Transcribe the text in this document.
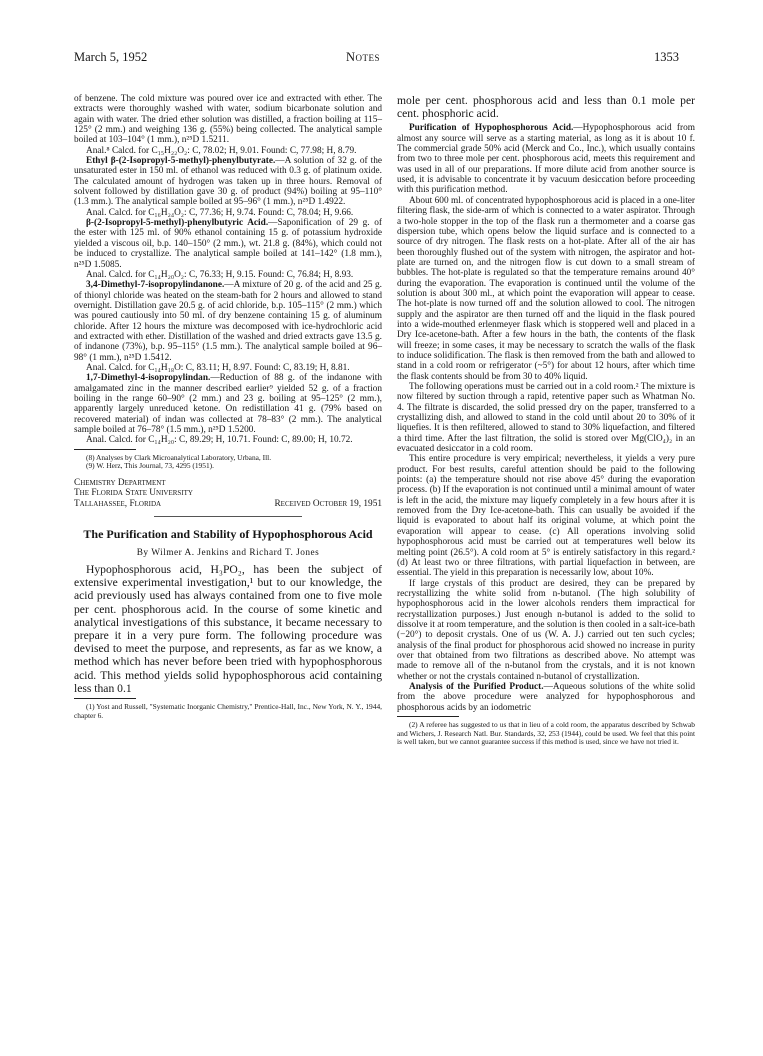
March 5, 1952	Notes	1353

of benzene. The cold mixture was poured over ice and extracted with ether. The extracts were thoroughly washed with water, sodium bicarbonate solution and again with water. The dried ether solution was distilled, a fraction boiling at 115–125° (2 mm.) and weighing 136 g. (55%) being collected. The analytical sample boiled at 103–104° (1 mm.), n²⁵D 1.5211.

Anal.⁸ Calcd. for C₁₅H₂₂O₂: C, 78.02; H, 9.01. Found: C, 77.98; H, 8.79.

Ethyl β-(2-Isopropyl-5-methyl)-phenylbutyrate.—A solution of 32 g. of the unsaturated ester in 150 ml. of ethanol was reduced with 0.3 g. of platinum oxide. The calculated amount of hydrogen was taken up in three hours. Removal of solvent followed by distillation gave 30 g. of product (94%) boiling at 95–110° (1.3 mm.). The analytical sample boiled at 95–96° (1 mm.), n²⁵D 1.4922.

Anal. Calcd. for C₁₆H₂₄O₂: C, 77.36; H, 9.74. Found: C, 78.04; H, 9.66.

β-(2-Isopropyl-5-methyl)-phenylbutyric Acid.—Saponification of 29 g. of the ester with 125 ml. of 90% ethanol containing 15 g. of potassium hydroxide yielded a viscous oil, b.p. 140–150° (2 mm.), wt. 21.8 g. (84%), which could not be induced to crystallize. The analytical sample boiled at 141–142° (1.8 mm.), n²⁵D 1.5085.

Anal. Calcd. for C₁₄H₂₀O₂: C, 76.33; H, 9.15. Found: C, 76.84; H, 8.93.

3,4-Dimethyl-7-isopropylindanone.—A mixture of 20 g. of the acid and 25 g. of thionyl chloride was heated on the steam-bath for 2 hours and allowed to stand overnight. Distillation gave 20.5 g. of acid chloride, b.p. 105–115° (2 mm.) which was poured cautiously into 50 ml. of dry benzene containing 15 g. of aluminum chloride. After 12 hours the mixture was decomposed with ice-hydrochloric acid and extracted with ether. Distillation of the washed and dried extracts gave 13.5 g. of indanone (73%), b.p. 95–115° (1.5 mm.). The analytical sample boiled at 96–98° (1 mm.), n²⁵D 1.5412.

Anal. Calcd. for C₁₄H₁₈O: C, 83.11; H, 8.97. Found: C, 83.19; H, 8.81.

1,7-Dimethyl-4-isopropylindan.—Reduction of 88 g. of the indanone with amalgamated zinc in the manner described earlier⁹ yielded 52 g. of a fraction boiling in the range 60–90° (2 mm.) and 23 g. boiling at 95–125° (2 mm.), apparently largely unreduced ketone. On redistillation 41 g. (79% based on recovered material) of indan was collected at 78–83° (2 mm.). The analytical sample boiled at 76–78° (1.5 mm.), n²⁵D 1.5200.

Anal. Calcd. for C₁₄H₂₀: C, 89.29; H, 10.71. Found: C, 89.00; H, 10.72.

(8) Analyses by Clark Microanalytical Laboratory, Urbana, Ill.

(9) W. Herz, This Journal, 73, 4295 (1951).

Chemistry Department

The Florida State University

Tallahassee, Florida	Received October 19, 1951

The Purification and Stability of Hypophosphorous Acid

By Wilmer A. Jenkins and Richard T. Jones

Hypophosphorous acid, H₃PO₂, has been the subject of extensive experimental investigation,¹ but to our knowledge, the acid previously used has always contained from one to five mole per cent. phosphorous acid. In the course of some kinetic and analytical investigations of this substance, it became necessary to prepare it in a very pure form. The following procedure was devised to meet the purpose, and represents, as far as we know, a method which has never before been tried with hypophosphorous acid. This method yields solid hypophosphorous acid containing less than 0.1

(1) Yost and Russell, "Systematic Inorganic Chemistry," Prentice-Hall, Inc., New York, N. Y., 1944, chapter 6.

mole per cent. phosphorous acid and less than 0.1 mole per cent. phosphoric acid.

Purification of Hypophosphorous Acid.—Hypophosphorous acid from almost any source will serve as a starting material, as long as it is about 10 f. The commercial grade 50% acid (Merck and Co., Inc.), which usually contains from two to three mole per cent. phosphorous acid, meets this requirement and was used in all of our preparations. If more dilute acid from another source is used, it is advisable to concentrate it by vacuum desiccation before proceeding with this purification method.

About 600 ml. of concentrated hypophosphorous acid is placed in a one-liter filtering flask, the side-arm of which is connected to a water aspirator. Through a two-hole stopper in the top of the flask run a thermometer and a coarse gas dispersion tube, which opens below the liquid surface and is connected to a source of dry nitrogen. The flask rests on a hot-plate. After all of the air has been thoroughly flushed out of the system with nitrogen, the aspirator and hot-plate are turned on, and the nitrogen flow is cut down to a small stream of bubbles. The hot-plate is regulated so that the temperature remains around 40° during the evaporation. The evaporation is continued until the volume of the solution is about 300 ml., at which point the evaporation will appear to cease. The hot-plate is now turned off and the solution allowed to cool. The nitrogen supply and the aspirator are then turned off and the liquid in the flask poured into a wide-mouthed erlenmeyer flask which is stoppered well and placed in a Dry Ice-acetone-bath. After a few hours in the bath, the contents of the flask will freeze; in some cases, it may be necessary to scratch the walls of the flask to induce solidification. The flask is then removed from the bath and allowed to stand in a cold room or refrigerator (~5°) for about 12 hours, after which time the flask contents should be from 30 to 40% liquid.

The following operations must be carried out in a cold room.² The mixture is now filtered by suction through a rapid, retentive paper such as Whatman No. 4. The filtrate is discarded, the solid pressed dry on the paper, transferred to a crystallizing dish, and allowed to stand in the cold until about 20 to 30% of it liquefies. It is then refiltered, allowed to stand to 30% liquefaction, and filtered a third time. After the last filtration, the solid is stored over Mg(ClO₄)₂ in an evacuated desiccator in a cold room.

This entire procedure is very empirical; nevertheless, it yields a very pure product. For best results, careful attention should be paid to the following points: (a) the temperature should not rise above 45° during the evaporation process. (b) If the evaporation is not continued until a minimal amount of water is left in the acid, the mixture may liquefy completely in a few hours after it is removed from the Dry Ice-acetone-bath. This can usually be avoided if the liquid is evaporated to about half its original volume, at which point the evaporation will appear to cease. (c) All operations involving solid hypophosphorous acid must be carried out at temperatures well below its melting point (26.5°). A cold room at 5° is entirely satisfactory in this regard.² (d) At least two or three filtrations, with partial liquefaction in between, are essential. The yield in this preparation is necessarily low, about 10%.

If large crystals of this product are desired, they can be prepared by recrystallizing the white solid from n-butanol. (The high solubility of hypophosphorous acid in the lower alcohols renders them impractical for recrystallization purposes.) Just enough n-butanol is added to the solid to dissolve it at room temperature, and the solution is then cooled in a salt-ice-bath (−20°) to deposit crystals. One of us (W. A. J.) carried out ten such cycles; analysis of the final product for phosphorous acid showed no increase in purity over that obtained from two filtrations as described above. No attempt was made to remove all of the n-butanol from the crystals, and it is not known whether or not the crystals contained n-butanol of crystallization.

Analysis of the Purified Product.—Aqueous solutions of the white solid from the above procedure were analyzed for hypophosphorous and phosphorous acids by an iodometric

(2) A referee has suggested to us that in lieu of a cold room, the apparatus described by Schwab and Wichers, J. Research Natl. Bur. Standards, 32, 253 (1944), could be used. We feel that this point is well taken, but we cannot guarantee success if this method is used, since we have not tried it.
